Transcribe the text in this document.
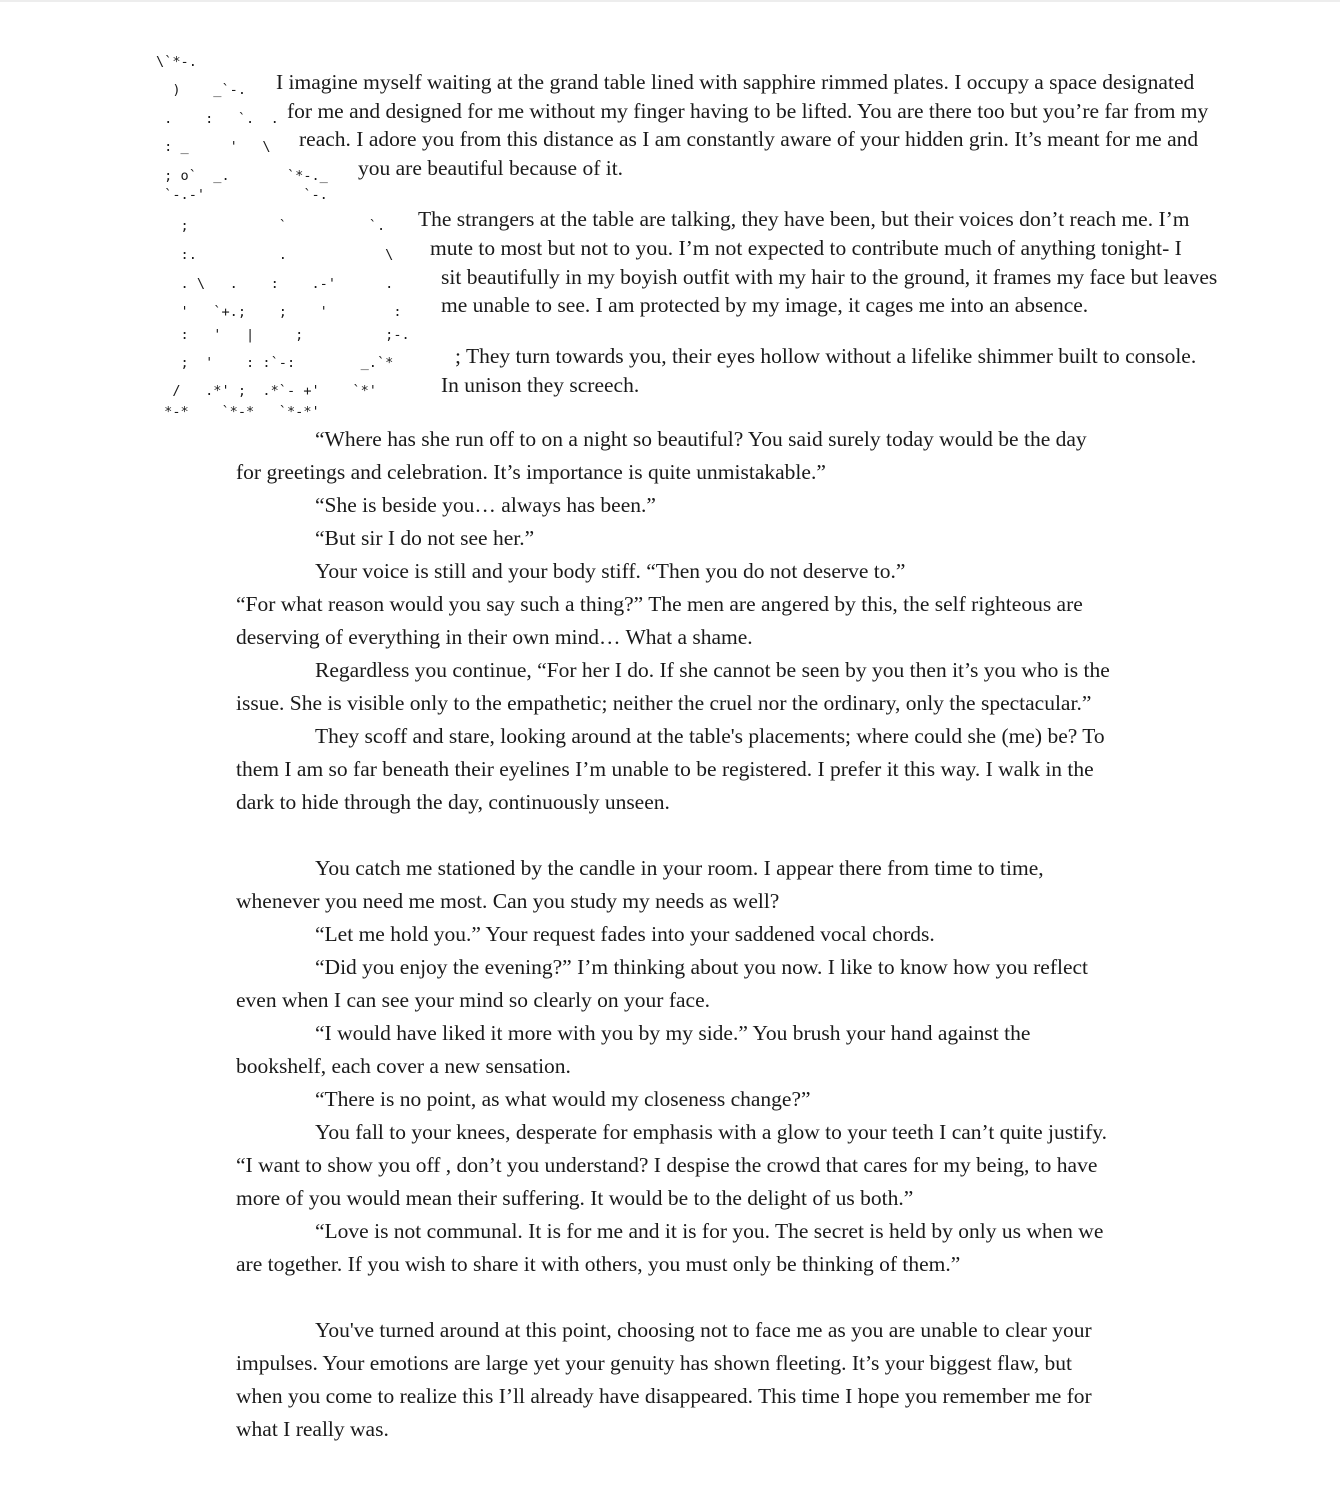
\`*-.
)    _`-.
.    :   `.  .
: _     '   \
; o`  _.       `*-._
`-.-'            `-.
;           `          `.
:.          .            \
. \   .    :    .-'      .
'   `+.;    ;    '        :
:   '   |     ;          ;-.
;  '    : :`-:        _.`*
/   .*' ;  .*`- +'    `*'
*-*    `*-*   `*-*'
I imagine myself waiting at the grand table lined with sapphire rimmed plates. I occupy a space designated
for me and designed for me without my finger having to be lifted. You are there too but you’re far from my
reach. I adore you from this distance as I am constantly aware of your hidden grin. It’s meant for me and
you are beautiful because of it.
The strangers at the table are talking, they have been, but their voices don’t reach me. I’m
mute to most but not to you. I’m not expected to contribute much of anything tonight- I
sit beautifully in my boyish outfit with my hair to the ground, it frames my face but leaves
me unable to see. I am protected by my image, it cages me into an absence.
; They turn towards you, their eyes hollow without a lifelike shimmer built to console.
In unison they screech.

“Where has she run off to on a night so beautiful? You said surely today would be the day for greetings and celebration. It’s importance is quite unmistakable.”

“She is beside you… always has been.”

“But sir I do not see her.”

Your voice is still and your body stiff. “Then you do not deserve to.”

“For what reason would you say such a thing?” The men are angered by this, the self righteous are deserving of everything in their own mind… What a shame.

Regardless you continue, “For her I do. If she cannot be seen by you then it’s you who is the issue. She is visible only to the empathetic; neither the cruel nor the ordinary, only the spectacular.”

They scoff and stare, looking around at the table's placements; where could she (me) be? To them I am so far beneath their eyelines I’m unable to be registered. I prefer it this way. I walk in the dark to hide through the day, continuously unseen.

You catch me stationed by the candle in your room. I appear there from time to time, whenever you need me most. Can you study my needs as well?

“Let me hold you.” Your request fades into your saddened vocal chords.

“Did you enjoy the evening?” I’m thinking about you now. I like to know how you reflect even when I can see your mind so clearly on your face.

“I would have liked it more with you by my side.” You brush your hand against the bookshelf, each cover a new sensation.

“There is no point, as what would my closeness change?”

You fall to your knees, desperate for emphasis with a glow to your teeth I can’t quite justify. “I want to show you off , don’t you understand? I despise the crowd that cares for my being, to have more of you would mean their suffering. It would be to the delight of us both.”

“Love is not communal. It is for me and it is for you. The secret is held by only us when we are together. If you wish to share it with others, you must only be thinking of them.”

You've turned around at this point, choosing not to face me as you are unable to clear your impulses. Your emotions are large yet your genuity has shown fleeting. It’s your biggest flaw, but when you come to realize this I’ll already have disappeared. This time I hope you remember me for what I really was.
